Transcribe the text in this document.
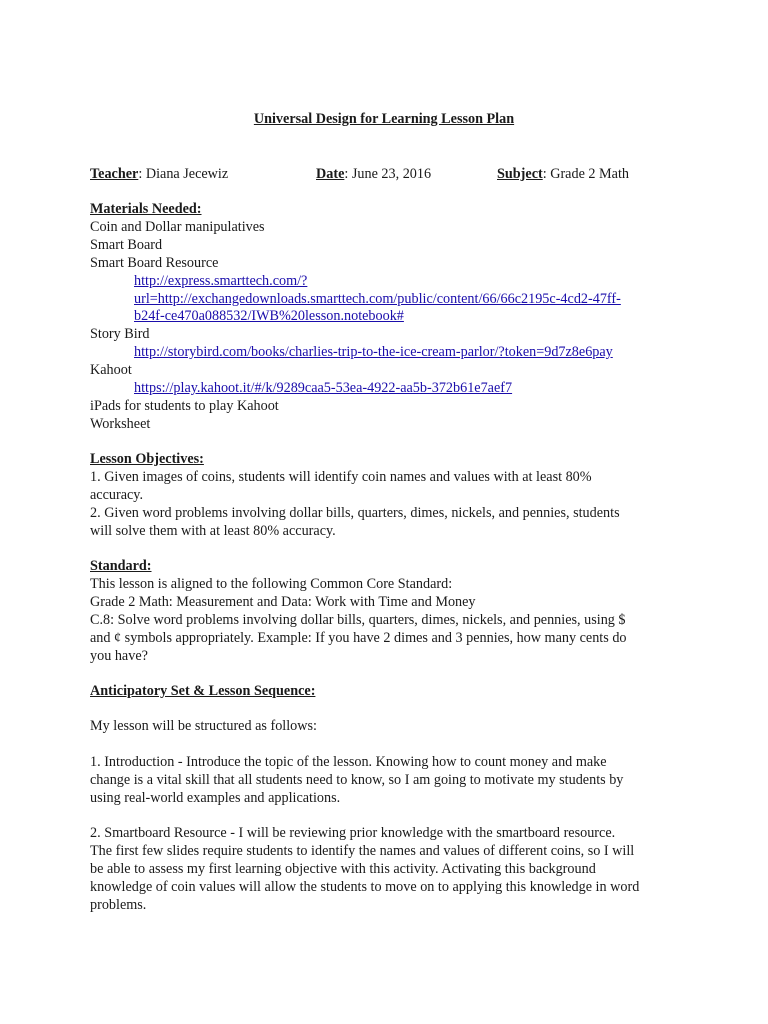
Universal Design for Learning Lesson Plan
Teacher: Diana Jecewiz	Date: June 23, 2016	Subject: Grade 2 Math
Materials Needed:
Coin and Dollar manipulatives
Smart Board
Smart Board Resource
http://express.smarttech.com/?
url=http://exchangedownloads.smarttech.com/public/content/66/66c2195c-4cd2-47ff-
b24f-ce470a088532/IWB%20lesson.notebook#
Story Bird
http://storybird.com/books/charlies-trip-to-the-ice-cream-parlor/?token=9d7z8e6pay
Kahoot
https://play.kahoot.it/#/k/9289caa5-53ea-4922-aa5b-372b61e7aef7
iPads for students to play Kahoot
Worksheet
Lesson Objectives:
1. Given images of coins, students will identify coin names and values with at least 80%
accuracy.
2. Given word problems involving dollar bills, quarters, dimes, nickels, and pennies, students
will solve them with at least 80% accuracy.
Standard:
This lesson is aligned to the following Common Core Standard:
Grade 2 Math: Measurement and Data: Work with Time and Money
C.8: Solve word problems involving dollar bills, quarters, dimes, nickels, and pennies, using $
and ¢ symbols appropriately. Example: If you have 2 dimes and 3 pennies, how many cents do
you have?
Anticipatory Set & Lesson Sequence:
My lesson will be structured as follows:
1. Introduction - Introduce the topic of the lesson. Knowing how to count money and make
change is a vital skill that all students need to know, so I am going to motivate my students by
using real-world examples and applications.
2. Smartboard Resource - I will be reviewing prior knowledge with the smartboard resource.
The first few slides require students to identify the names and values of different coins, so I will
be able to assess my first learning objective with this activity. Activating this background
knowledge of coin values will allow the students to move on to applying this knowledge in word
problems.
